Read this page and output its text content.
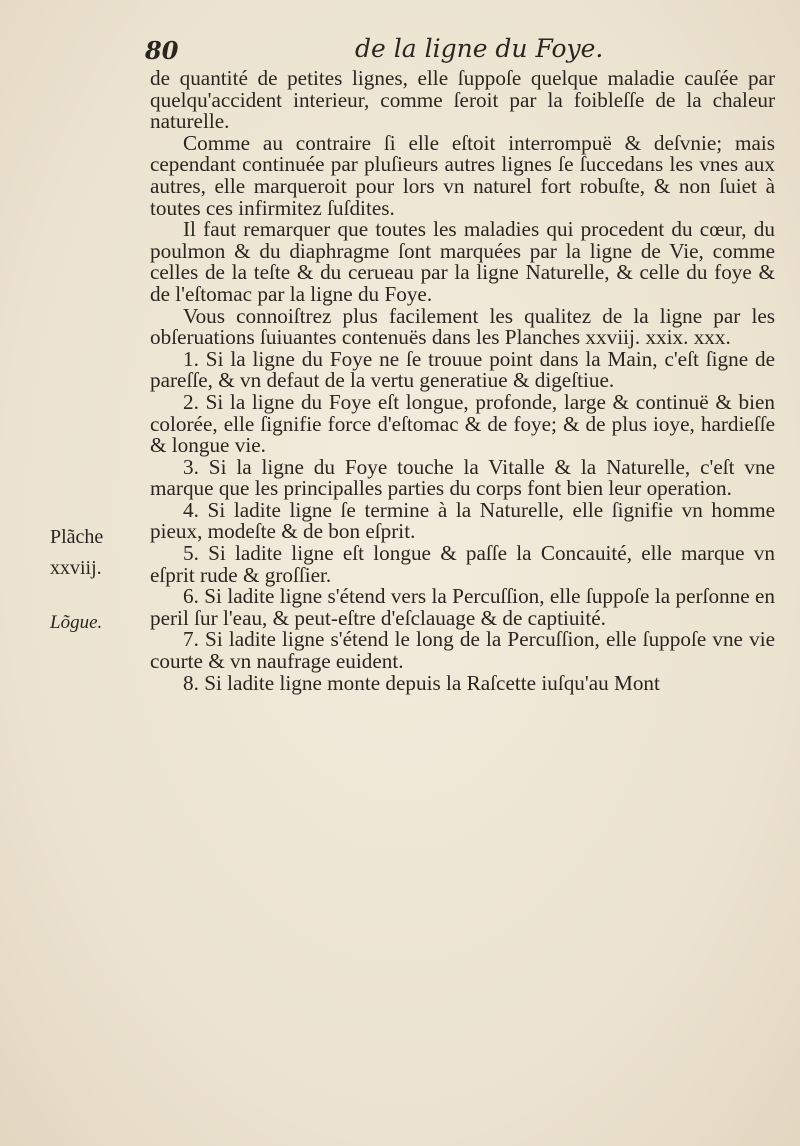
80	de la ligne du Foye.
Plãche
xxviij.
Lõgue.

de quantité de petites lignes, elle ſuppoſe quelque maladie cauſée par quelqu'accident interieur, comme ſeroit par la foibleſſe de la chaleur naturelle.

Comme au contraire ſi elle eſtoit interrompuë & deſvnie; mais cependant continuée par pluſieurs autres lignes ſe ſuccedans les vnes aux autres, elle marqueroit pour lors vn naturel fort robuſte, & non ſuiet à toutes ces infirmitez ſuſdites.

Il faut remarquer que toutes les maladies qui procedent du cœur, du poulmon & du diaphragme ſont marquées par la ligne de Vie, comme celles de la teſte & du cerueau par la ligne Naturelle, & celle du foye & de l'eſtomac par la ligne du Foye.

Vous connoiſtrez plus facilement les qualitez de la ligne par les obſeruations ſuiuantes contenuës dans les Planches xxviij. xxix. xxx.

1. Si la ligne du Foye ne ſe trouue point dans la Main, c'eſt ſigne de pareſſe, & vn defaut de la vertu generatiue & digeſtiue.

2. Si la ligne du Foye eſt longue, profonde, large & continuë & bien colorée, elle ſignifie force d'eſtomac & de foye; & de plus ioye, hardieſſe & longue vie.

3. Si la ligne du Foye touche la Vitalle & la Naturelle, c'eſt vne marque que les principalles parties du corps font bien leur operation.

4. Si ladite ligne ſe termine à la Naturelle, elle ſignifie vn homme pieux, modeſte & de bon eſprit.

5. Si ladite ligne eſt longue & paſſe la Concauité, elle marque vn eſprit rude & groſſier.

6. Si ladite ligne s'étend vers la Percuſſion, elle ſuppoſe la perſonne en peril ſur l'eau, & peut-eſtre d'eſclauage & de captiuité.

7. Si ladite ligne s'étend le long de la Percuſſion, elle ſuppoſe vne vie courte & vn naufrage euident.

8. Si ladite ligne monte depuis la Raſcette iuſqu'au Mont
